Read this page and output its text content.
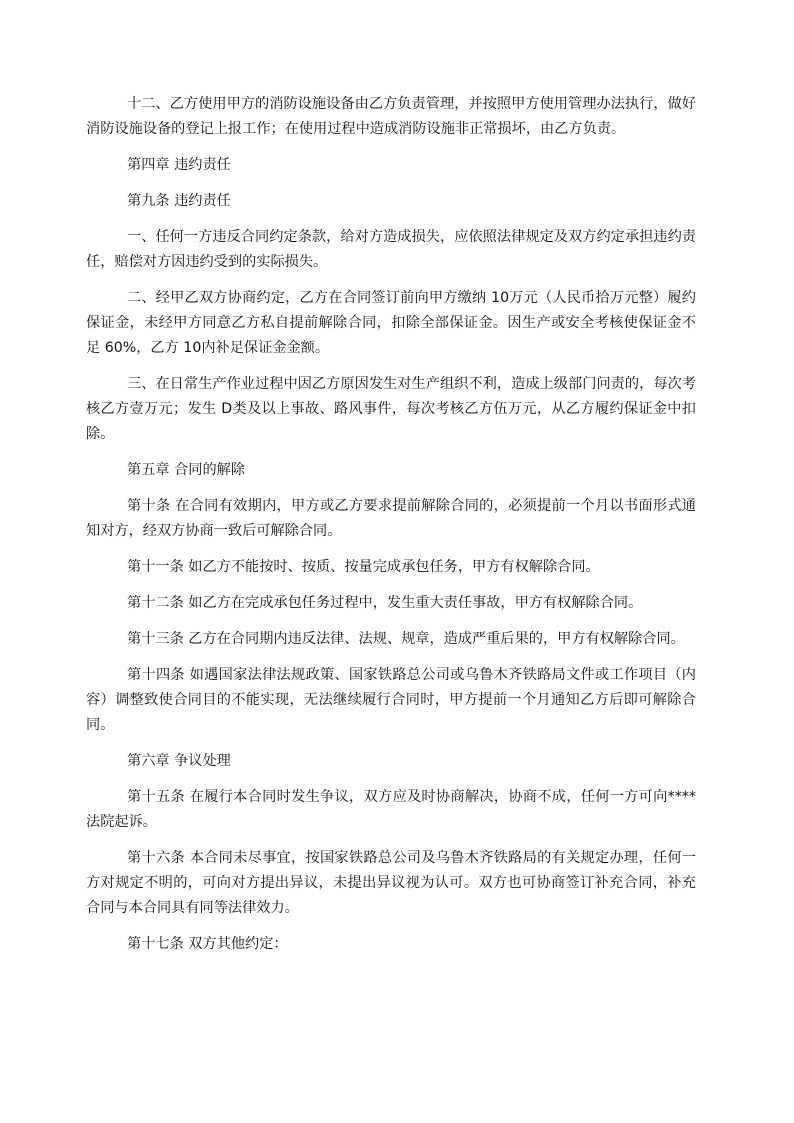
十二、乙方使用甲方的消防设施设备由乙方负责管理，并按照甲方使用管理办法执行，做好消防设施设备的登记上报工作；在使用过程中造成消防设施非正常损坏，由乙方负责。

第四章 违约责任

第九条 违约责任

一、任何一方违反合同约定条款，给对方造成损失，应依照法律规定及双方约定承担违约责任，赔偿对方因违约受到的实际损失。

二、经甲乙双方协商约定，乙方在合同签订前向甲方缴纳 10万元（人民币拾万元整）履约保证金，未经甲方同意乙方私自提前解除合同，扣除全部保证金。因生产或安全考核使保证金不足 60%，乙方 10内补足保证金金额。

三、在日常生产作业过程中因乙方原因发生对生产组织不利，造成上级部门问责的，每次考核乙方壹万元；发生 D类及以上事故、路风事件，每次考核乙方伍万元，从乙方履约保证金中扣除。

第五章 合同的解除

第十条 在合同有效期内，甲方或乙方要求提前解除合同的，必须提前一个月以书面形式通知对方，经双方协商一致后可解除合同。

第十一条 如乙方不能按时、按质、按量完成承包任务，甲方有权解除合同。

第十二条 如乙方在完成承包任务过程中，发生重大责任事故，甲方有权解除合同。

第十三条 乙方在合同期内违反法律、法规、规章，造成严重后果的，甲方有权解除合同。

第十四条 如遇国家法律法规政策、国家铁路总公司或乌鲁木齐铁路局文件或工作项目（内容）调整致使合同目的不能实现，无法继续履行合同时，甲方提前一个月通知乙方后即可解除合同。

第六章 争议处理

第十五条 在履行本合同时发生争议，双方应及时协商解决，协商不成，任何一方可向****法院起诉。

第十六条 本合同未尽事宜，按国家铁路总公司及乌鲁木齐铁路局的有关规定办理，任何一方对规定不明的，可向对方提出异议，未提出异议视为认可。双方也可协商签订补充合同，补充合同与本合同具有同等法律效力。

第十七条 双方其他约定：
